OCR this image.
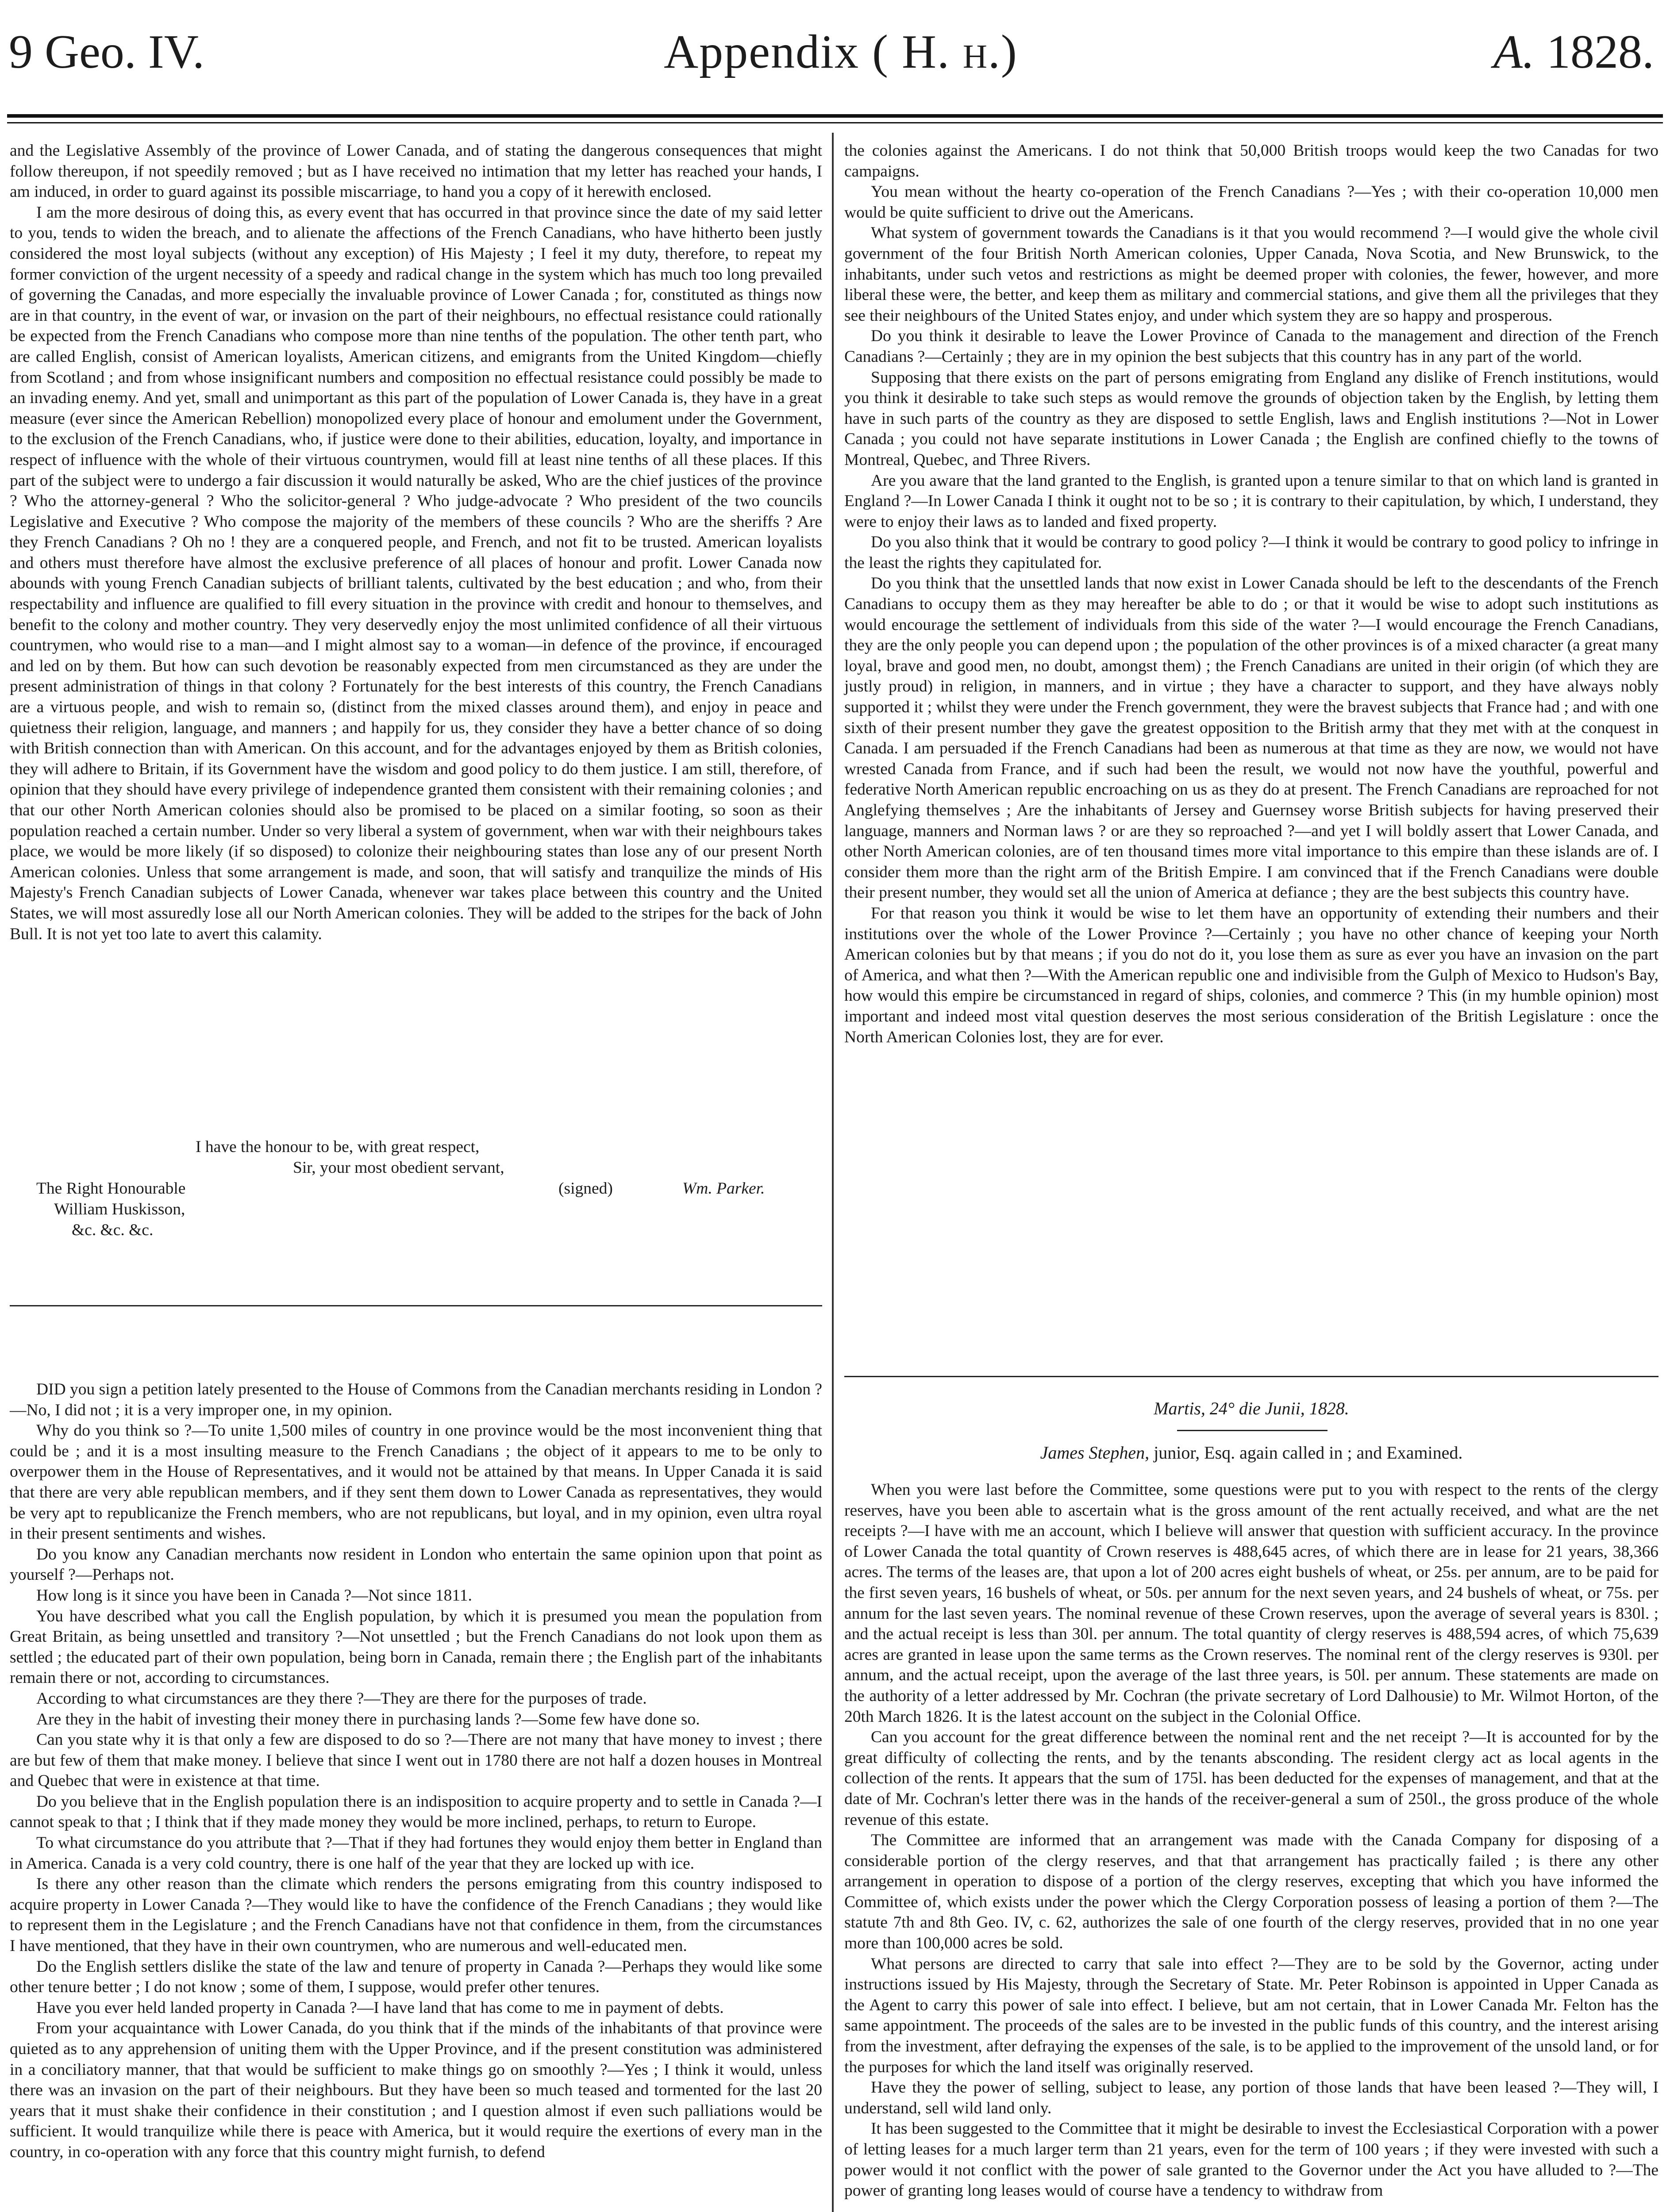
9 Geo. IV.	Appendix ( H. h.)	A. 1828.

and the Legislative Assembly of the province of Lower Canada, and of stating the dangerous consequences that might follow thereupon, if not speedily removed ; but as I have received no intimation that my letter has reached your hands, I am induced, in order to guard against its possible miscarriage, to hand you a copy of it herewith enclosed.

I am the more desirous of doing this, as every event that has occurred in that province since the date of my said letter to you, tends to widen the breach, and to alienate the affections of the French Canadians, who have hitherto been justly considered the most loyal subjects (without any exception) of His Majesty ; I feel it my duty, therefore, to repeat my former conviction of the urgent necessity of a speedy and radical change in the system which has much too long prevailed of governing the Canadas, and more especially the invaluable province of Lower Canada ; for, constituted as things now are in that country, in the event of war, or invasion on the part of their neighbours, no effectual resistance could rationally be expected from the French Canadians who compose more than nine tenths of the population. The other tenth part, who are called English, consist of American loyalists, American citizens, and emigrants from the United Kingdom—chiefly from Scotland ; and from whose insignificant numbers and composition no effectual resistance could possibly be made to an invading enemy. And yet, small and unimportant as this part of the population of Lower Canada is, they have in a great measure (ever since the American Rebellion) monopolized every place of honour and emolument under the Government, to the exclusion of the French Canadians, who, if justice were done to their abilities, education, loyalty, and importance in respect of influence with the whole of their virtuous countrymen, would fill at least nine tenths of all these places. If this part of the subject were to undergo a fair discussion it would naturally be asked, Who are the chief justices of the province ? Who the attorney-general ? Who the solicitor-general ? Who judge-advocate ? Who president of the two councils Legislative and Executive ? Who compose the majority of the members of these councils ? Who are the sheriffs ? Are they French Canadians ? Oh no ! they are a conquered people, and French, and not fit to be trusted. American loyalists and others must therefore have almost the exclusive preference of all places of honour and profit. Lower Canada now abounds with young French Canadian subjects of brilliant talents, cultivated by the best education ; and who, from their respectability and influence are qualified to fill every situation in the province with credit and honour to themselves, and benefit to the colony and mother country. They very deservedly enjoy the most unlimited confidence of all their virtuous countrymen, who would rise to a man—and I might almost say to a woman—in defence of the province, if encouraged and led on by them. But how can such devotion be reasonably expected from men circumstanced as they are under the present administration of things in that colony ? Fortunately for the best interests of this country, the French Canadians are a virtuous people, and wish to remain so, (distinct from the mixed classes around them), and enjoy in peace and quietness their religion, language, and manners ; and happily for us, they consider they have a better chance of so doing with British connection than with American. On this account, and for the advantages enjoyed by them as British colonies, they will adhere to Britain, if its Government have the wisdom and good policy to do them justice. I am still, therefore, of opinion that they should have every privilege of independence granted them consistent with their remaining colonies ; and that our other North American colonies should also be promised to be placed on a similar footing, so soon as their population reached a certain number. Under so very liberal a system of government, when war with their neighbours takes place, we would be more likely (if so disposed) to colonize their neighbouring states than lose any of our present North American colonies. Unless that some arrangement is made, and soon, that will satisfy and tranquilize the minds of His Majesty's French Canadian subjects of Lower Canada, whenever war takes place between this country and the United States, we will most assuredly lose all our North American colonies. They will be added to the stripes for the back of John Bull. It is not yet too late to avert this calamity.

I have the honour to be, with great respect,
Sir, your most obedient servant,
The Right Honourable	(signed)	Wm. Parker.
William Huskisson,
&c. &c. &c.

DID you sign a petition lately presented to the House of Commons from the Canadian merchants residing in London ?—No, I did not ; it is a very improper one, in my opinion.

Why do you think so ?—To unite 1,500 miles of country in one province would be the most inconvenient thing that could be ; and it is a most insulting measure to the French Canadians ; the object of it appears to me to be only to overpower them in the House of Representatives, and it would not be attained by that means. In Upper Canada it is said that there are very able republican members, and if they sent them down to Lower Canada as representatives, they would be very apt to republicanize the French members, who are not republicans, but loyal, and in my opinion, even ultra royal in their present sentiments and wishes.

Do you know any Canadian merchants now resident in London who entertain the same opinion upon that point as yourself ?—Perhaps not.

How long is it since you have been in Canada ?—Not since 1811.

You have described what you call the English population, by which it is presumed you mean the population from Great Britain, as being unsettled and transitory ?—Not unsettled ; but the French Canadians do not look upon them as settled ; the educated part of their own population, being born in Canada, remain there ; the English part of the inhabitants remain there or not, according to circumstances.

According to what circumstances are they there ?—They are there for the purposes of trade.

Are they in the habit of investing their money there in purchasing lands ?—Some few have done so.

Can you state why it is that only a few are disposed to do so ?—There are not many that have money to invest ; there are but few of them that make money. I believe that since I went out in 1780 there are not half a dozen houses in Montreal and Quebec that were in existence at that time.

Do you believe that in the English population there is an indisposition to acquire property and to settle in Canada ?—I cannot speak to that ; I think that if they made money they would be more inclined, perhaps, to return to Europe.

To what circumstance do you attribute that ?—That if they had fortunes they would enjoy them better in England than in America. Canada is a very cold country, there is one half of the year that they are locked up with ice.

Is there any other reason than the climate which renders the persons emigrating from this country indisposed to acquire property in Lower Canada ?—They would like to have the confidence of the French Canadians ; they would like to represent them in the Legislature ; and the French Canadians have not that confidence in them, from the circumstances I have mentioned, that they have in their own countrymen, who are numerous and well-educated men.

Do the English settlers dislike the state of the law and tenure of property in Canada ?—Perhaps they would like some other tenure better ; I do not know ; some of them, I suppose, would prefer other tenures.

Have you ever held landed property in Canada ?—I have land that has come to me in payment of debts.

From your acquaintance with Lower Canada, do you think that if the minds of the inhabitants of that province were quieted as to any apprehension of uniting them with the Upper Province, and if the present constitution was administered in a conciliatory manner, that that would be sufficient to make things go on smoothly ?—Yes ; I think it would, unless there was an invasion on the part of their neighbours. But they have been so much teased and tormented for the last 20 years that it must shake their confidence in their constitution ; and I question almost if even such palliations would be sufficient. It would tranquilize while there is peace with America, but it would require the exertions of every man in the country, in co-operation with any force that this country might furnish, to defend

the colonies against the Americans. I do not think that 50,000 British troops would keep the two Canadas for two campaigns.

You mean without the hearty co-operation of the French Canadians ?—Yes ; with their co-operation 10,000 men would be quite sufficient to drive out the Americans.

What system of government towards the Canadians is it that you would recommend ?—I would give the whole civil government of the four British North American colonies, Upper Canada, Nova Scotia, and New Brunswick, to the inhabitants, under such vetos and restrictions as might be deemed proper with colonies, the fewer, however, and more liberal these were, the better, and keep them as military and commercial stations, and give them all the privileges that they see their neighbours of the United States enjoy, and under which system they are so happy and prosperous.

Do you think it desirable to leave the Lower Province of Canada to the management and direction of the French Canadians ?—Certainly ; they are in my opinion the best subjects that this country has in any part of the world.

Supposing that there exists on the part of persons emigrating from England any dislike of French institutions, would you think it desirable to take such steps as would remove the grounds of objection taken by the English, by letting them have in such parts of the country as they are disposed to settle English, laws and English institutions ?—Not in Lower Canada ; you could not have separate institutions in Lower Canada ; the English are confined chiefly to the towns of Montreal, Quebec, and Three Rivers.

Are you aware that the land granted to the English, is granted upon a tenure similar to that on which land is granted in England ?—In Lower Canada I think it ought not to be so ; it is contrary to their capitulation, by which, I understand, they were to enjoy their laws as to landed and fixed property.

Do you also think that it would be contrary to good policy ?—I think it would be contrary to good policy to infringe in the least the rights they capitulated for.

Do you think that the unsettled lands that now exist in Lower Canada should be left to the descendants of the French Canadians to occupy them as they may hereafter be able to do ; or that it would be wise to adopt such institutions as would encourage the settlement of individuals from this side of the water ?—I would encourage the French Canadians, they are the only people you can depend upon ; the population of the other provinces is of a mixed character (a great many loyal, brave and good men, no doubt, amongst them) ; the French Canadians are united in their origin (of which they are justly proud) in religion, in manners, and in virtue ; they have a character to support, and they have always nobly supported it ; whilst they were under the French government, they were the bravest subjects that France had ; and with one sixth of their present number they gave the greatest opposition to the British army that they met with at the conquest in Canada. I am persuaded if the French Canadians had been as numerous at that time as they are now, we would not have wrested Canada from France, and if such had been the result, we would not now have the youthful, powerful and federative North American republic encroaching on us as they do at present. The French Canadians are reproached for not Anglefying themselves ; Are the inhabitants of Jersey and Guernsey worse British subjects for having preserved their language, manners and Norman laws ? or are they so reproached ?—and yet I will boldly assert that Lower Canada, and other North American colonies, are of ten thousand times more vital importance to this empire than these islands are of. I consider them more than the right arm of the British Empire. I am convinced that if the French Canadians were double their present number, they would set all the union of America at defiance ; they are the best subjects this country have.

For that reason you think it would be wise to let them have an opportunity of extending their numbers and their institutions over the whole of the Lower Province ?—Certainly ; you have no other chance of keeping your North American colonies but by that means ; if you do not do it, you lose them as sure as ever you have an invasion on the part of America, and what then ?—With the American republic one and indivisible from the Gulph of Mexico to Hudson's Bay, how would this empire be circumstanced in regard of ships, colonies, and commerce ? This (in my humble opinion) most important and indeed most vital question deserves the most serious consideration of the British Legislature : once the North American Colonies lost, they are for ever.

Martis, 24° die Junii, 1828.
James Stephen, junior, Esq. again called in ; and Examined.

When you were last before the Committee, some questions were put to you with respect to the rents of the clergy reserves, have you been able to ascertain what is the gross amount of the rent actually received, and what are the net receipts ?—I have with me an account, which I believe will answer that question with sufficient accuracy. In the province of Lower Canada the total quantity of Crown reserves is 488,645 acres, of which there are in lease for 21 years, 38,366 acres. The terms of the leases are, that upon a lot of 200 acres eight bushels of wheat, or 25s. per annum, are to be paid for the first seven years, 16 bushels of wheat, or 50s. per annum for the next seven years, and 24 bushels of wheat, or 75s. per annum for the last seven years. The nominal revenue of these Crown reserves, upon the average of several years is 830l. ; and the actual receipt is less than 30l. per annum. The total quantity of clergy reserves is 488,594 acres, of which 75,639 acres are granted in lease upon the same terms as the Crown reserves. The nominal rent of the clergy reserves is 930l. per annum, and the actual receipt, upon the average of the last three years, is 50l. per annum. These statements are made on the authority of a letter addressed by Mr. Cochran (the private secretary of Lord Dalhousie) to Mr. Wilmot Horton, of the 20th March 1826. It is the latest account on the subject in the Colonial Office.

Can you account for the great difference between the nominal rent and the net receipt ?—It is accounted for by the great difficulty of collecting the rents, and by the tenants absconding. The resident clergy act as local agents in the collection of the rents. It appears that the sum of 175l. has been deducted for the expenses of management, and that at the date of Mr. Cochran's letter there was in the hands of the receiver-general a sum of 250l., the gross produce of the whole revenue of this estate.

The Committee are informed that an arrangement was made with the Canada Company for disposing of a considerable portion of the clergy reserves, and that that arrangement has practically failed ; is there any other arrangement in operation to dispose of a portion of the clergy reserves, excepting that which you have informed the Committee of, which exists under the power which the Clergy Corporation possess of leasing a portion of them ?—The statute 7th and 8th Geo. IV, c. 62, authorizes the sale of one fourth of the clergy reserves, provided that in no one year more than 100,000 acres be sold.

What persons are directed to carry that sale into effect ?—They are to be sold by the Governor, acting under instructions issued by His Majesty, through the Secretary of State. Mr. Peter Robinson is appointed in Upper Canada as the Agent to carry this power of sale into effect. I believe, but am not certain, that in Lower Canada Mr. Felton has the same appointment. The proceeds of the sales are to be invested in the public funds of this country, and the interest arising from the investment, after defraying the expenses of the sale, is to be applied to the improvement of the unsold land, or for the purposes for which the land itself was originally reserved.

Have they the power of selling, subject to lease, any portion of those lands that have been leased ?—They will, I understand, sell wild land only.

It has been suggested to the Committee that it might be desirable to invest the Ecclesiastical Corporation with a power of letting leases for a much larger term than 21 years, even for the term of 100 years ; if they were invested with such a power would it not conflict with the power of sale granted to the Governor under the Act you have alluded to ?—The power of granting long leases would of course have a tendency to withdraw from
